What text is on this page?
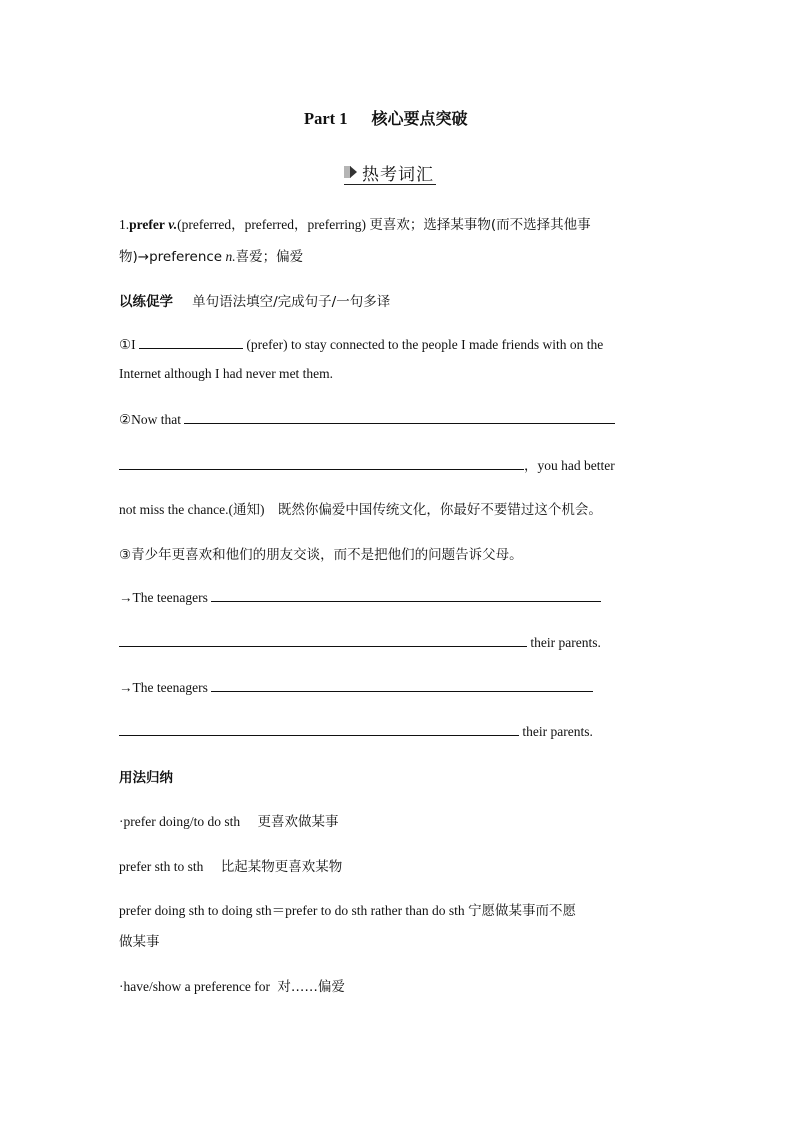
Part 1 核心要点突破
热考词汇
1.prefer v.(preferred，preferred，preferring) 更喜欢；选择某事物(而不选择其他事
物)→preference n.喜爱；偏爱
以练促学 单句语法填空/完成句子/一句多译
①I	(prefer) to stay connected to the people I made friends with on the
Internet although I had never met them.
②Now that
，you had better
not miss the chance.(通知) 既然你偏爱中国传统文化，你最好不要错过这个机会。
③青少年更喜欢和他们的朋友交谈，而不是把他们的问题告诉父母。
→The teenagers
their parents.
→The teenagers
their parents.
用法归纳
·prefer doing/to do sth 更喜欢做某事
prefer sth to sth 比起某物更喜欢某物
prefer doing sth to doing sth＝prefer to do sth rather than do sth 宁愿做某事而不愿
做某事
·have/show a preference for 对……偏爱
